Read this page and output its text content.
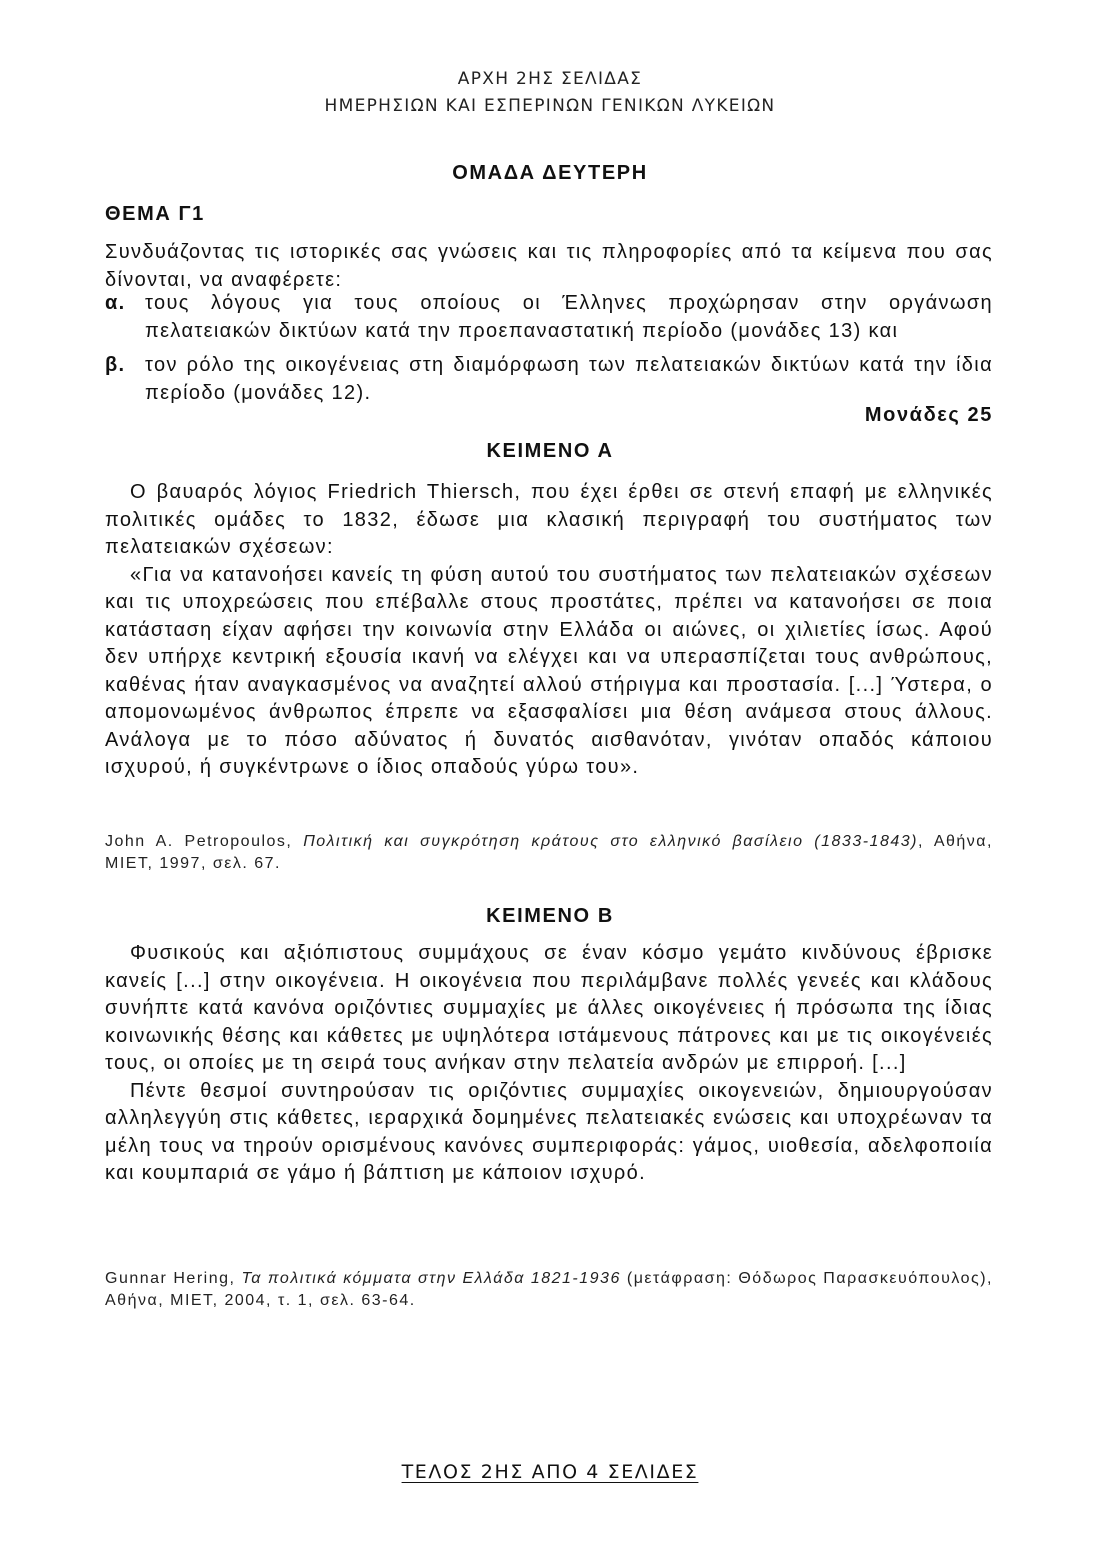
ΑΡΧΗ 2ΗΣ ΣΕΛΙΔΑΣ
ΗΜΕΡΗΣΙΩΝ ΚΑΙ ΕΣΠΕΡΙΝΩΝ ΓΕΝΙΚΩΝ ΛΥΚΕΙΩΝ
ΟΜΑΔΑ ΔΕΥΤΕΡΗ
ΘΕΜΑ Γ1

Συνδυάζοντας τις ιστορικές σας γνώσεις και τις πληροφορίες από τα κείμενα που σας δίνονται, να αναφέρετε:

α. τους λόγους για τους οποίους οι Έλληνες προχώρησαν στην οργάνωση πελατειακών δικτύων κατά την προεπαναστατική περίοδο (μονάδες 13) και
β. τον ρόλο της οικογένειας στη διαμόρφωση των πελατειακών δικτύων κατά την ίδια περίοδο (μονάδες 12).
Μονάδες 25
ΚΕΙΜΕΝΟ Α

Ο βαυαρός λόγιος Friedrich Thiersch, που έχει έρθει σε στενή επαφή με ελληνικές πολιτικές ομάδες το 1832, έδωσε μια κλασική περιγραφή του συστήματος των πελατειακών σχέσεων:

«Για να κατανοήσει κανείς τη φύση αυτού του συστήματος των πελατειακών σχέσεων και τις υποχρεώσεις που επέβαλλε στους προστάτες, πρέπει να κατανοήσει σε ποια κατάσταση είχαν αφήσει την κοινωνία στην Ελλάδα οι αιώνες, οι χιλιετίες ίσως. Αφού δεν υπήρχε κεντρική εξουσία ικανή να ελέγχει και να υπερασπίζεται τους ανθρώπους, καθένας ήταν αναγκασμένος να αναζητεί αλλού στήριγμα και προστασία. [...] Ύστερα, ο απομονωμένος άνθρωπος έπρεπε να εξασφαλίσει μια θέση ανάμεσα στους άλλους. Ανάλογα με το πόσο αδύνατος ή δυνατός αισθανόταν, γινόταν οπαδός κάποιου ισχυρού, ή συγκέντρωνε ο ίδιος οπαδούς γύρω του».

John A. Petropoulos, Πολιτική και συγκρότηση κράτους στο ελληνικό βασίλειο (1833-1843), Αθήνα, ΜΙΕΤ, 1997, σελ. 67.
ΚΕΙΜΕΝΟ Β

Φυσικούς και αξιόπιστους συμμάχους σε έναν κόσμο γεμάτο κινδύνους έβρισκε κανείς [...] στην οικογένεια. Η οικογένεια που περιλάμβανε πολλές γενεές και κλάδους συνήπτε κατά κανόνα οριζόντιες συμμαχίες με άλλες οικογένειες ή πρόσωπα της ίδιας κοινωνικής θέσης και κάθετες με υψηλότερα ιστάμενους πάτρονες και με τις οικογένειές τους, οι οποίες με τη σειρά τους ανήκαν στην πελατεία ανδρών με επιρροή. [...]

Πέντε θεσμοί συντηρούσαν τις οριζόντιες συμμαχίες οικογενειών, δημιουργούσαν αλληλεγγύη στις κάθετες, ιεραρχικά δομημένες πελατειακές ενώσεις και υποχρέωναν τα μέλη τους να τηρούν ορισμένους κανόνες συμπεριφοράς: γάμος, υιοθεσία, αδελφοποιία και κουμπαριά σε γάμο ή βάπτιση με κάποιον ισχυρό.

Gunnar Hering, Τα πολιτικά κόμματα στην Ελλάδα 1821-1936 (μετάφραση: Θόδωρος Παρασκευόπουλος), Αθήνα, ΜΙΕΤ, 2004, τ. 1, σελ. 63-64.
ΤΕΛΟΣ 2ΗΣ ΑΠΟ 4 ΣΕΛΙΔΕΣ
